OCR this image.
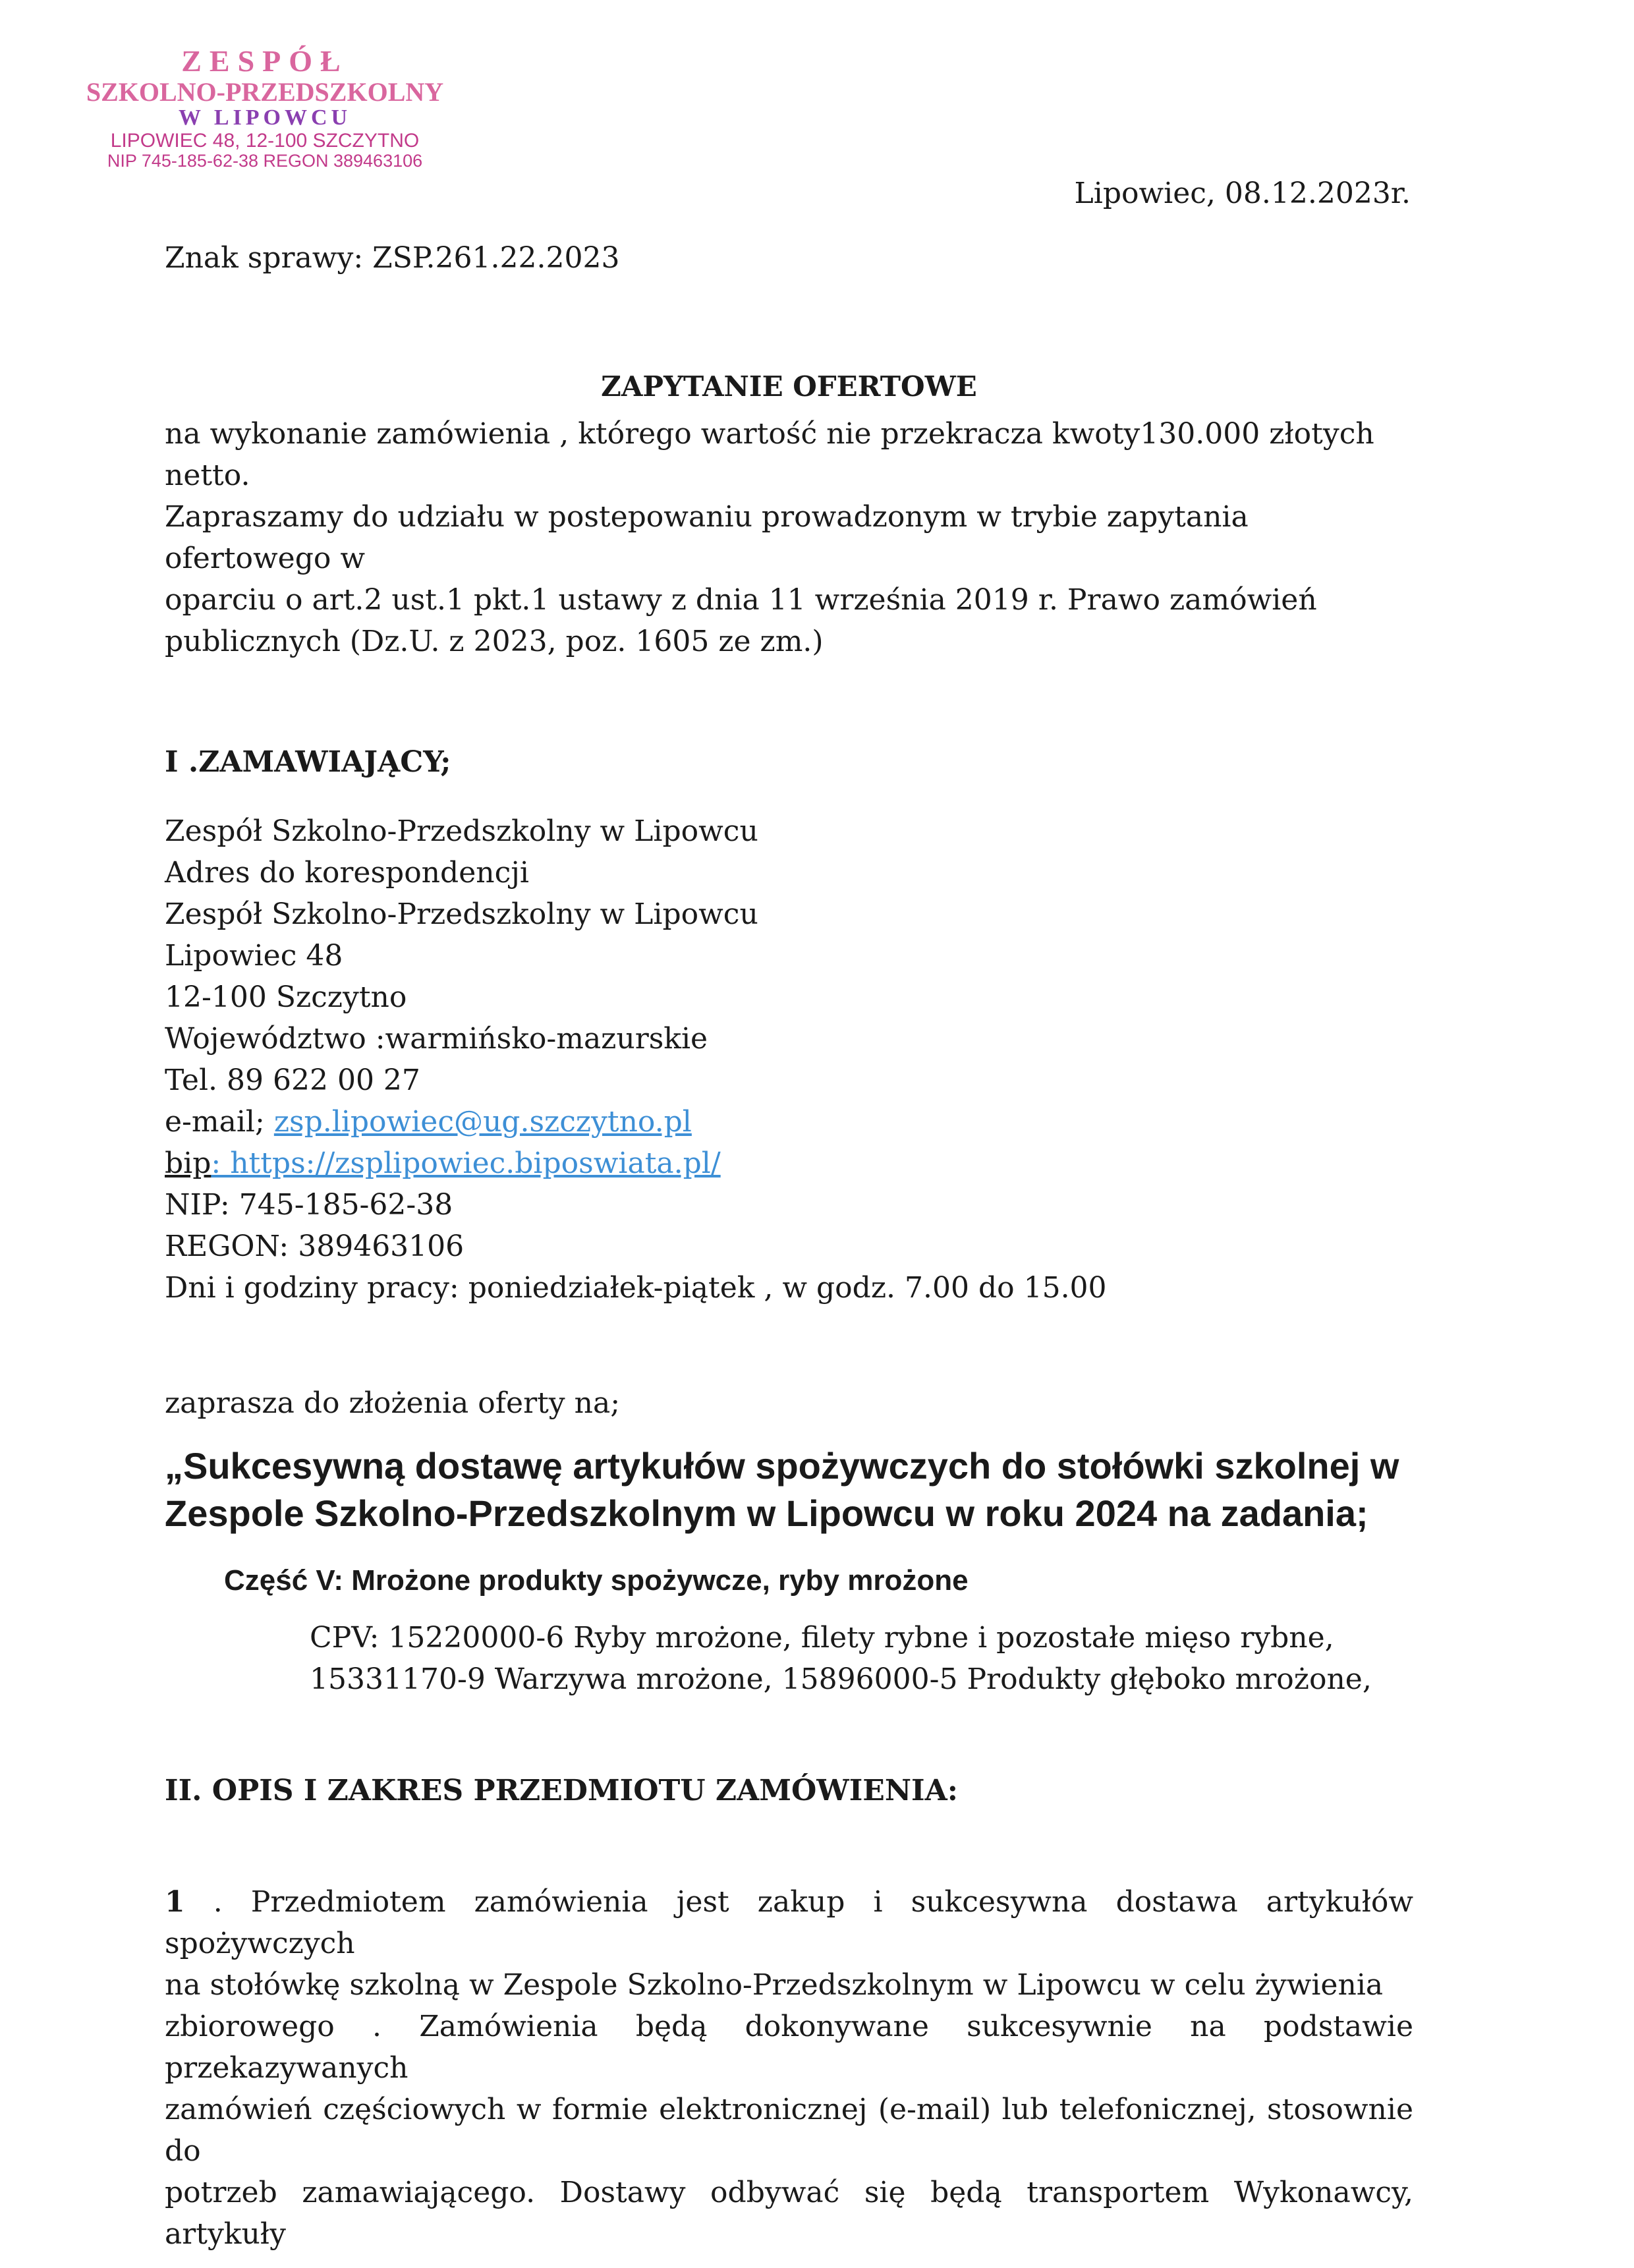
ZESPÓŁ
SZKOLNO-PRZEDSZKOLNY
W LIPOWCU
LIPOWIEC 48, 12-100 SZCZYTNO
NIP 745-185-62-38 REGON 389463106
Lipowiec, 08.12.2023r.

Znak sprawy: ZSP.261.22.2023

ZAPYTANIE OFERTOWE

na wykonanie zamówienia , którego wartość nie przekracza kwoty130.000 złotych netto.

Zapraszamy do udziału w postepowaniu prowadzonym w trybie zapytania ofertowego w

oparciu o art.2 ust.1 pkt.1 ustawy z dnia 11 września 2019 r. Prawo zamówień

publicznych (Dz.U. z 2023, poz. 1605 ze zm.)

I .ZAMAWIAJĄCY;
Zespół Szkolno-Przedszkolny w Lipowcu
Adres do korespondencji
Zespół Szkolno-Przedszkolny w Lipowcu
Lipowiec 48
12-100 Szczytno
Województwo :warmińsko-mazurskie
Tel. 89 622 00 27
e-mail; zsp.lipowiec@ug.szczytno.pl
bip: https://zsplipowiec.biposwiata.pl/
NIP: 745-185-62-38
REGON: 389463106
Dni i godziny pracy: poniedziałek-piątek , w godz. 7.00 do 15.00
zaprasza do złożenia oferty na;
„Sukcesywną dostawę artykułów spożywczych do stołówki szkolnej w
Zespole Szkolno-Przedszkolnym w Lipowcu w roku 2024 na zadania;
Część V: Mrożone produkty spożywcze, ryby mrożone
CPV: 15220000-6 Ryby mrożone, filety rybne i pozostałe mięso rybne,
15331170-9 Warzywa mrożone, 15896000-5 Produkty głęboko mrożone,
II. OPIS I ZAKRES PRZEDMIOTU ZAMÓWIENIA:
1 . Przedmiotem zamówienia jest zakup i sukcesywna dostawa artykułów spożywczych
na stołówkę szkolną w Zespole Szkolno-Przedszkolnym w Lipowcu w celu żywienia
zbiorowego . Zamówienia będą dokonywane sukcesywnie na podstawie przekazywanych
zamówień częściowych w formie elektronicznej (e-mail) lub telefonicznej, stosownie do
potrzeb zamawiającego. Dostawy odbywać się będą transportem Wykonawcy, artykuły
